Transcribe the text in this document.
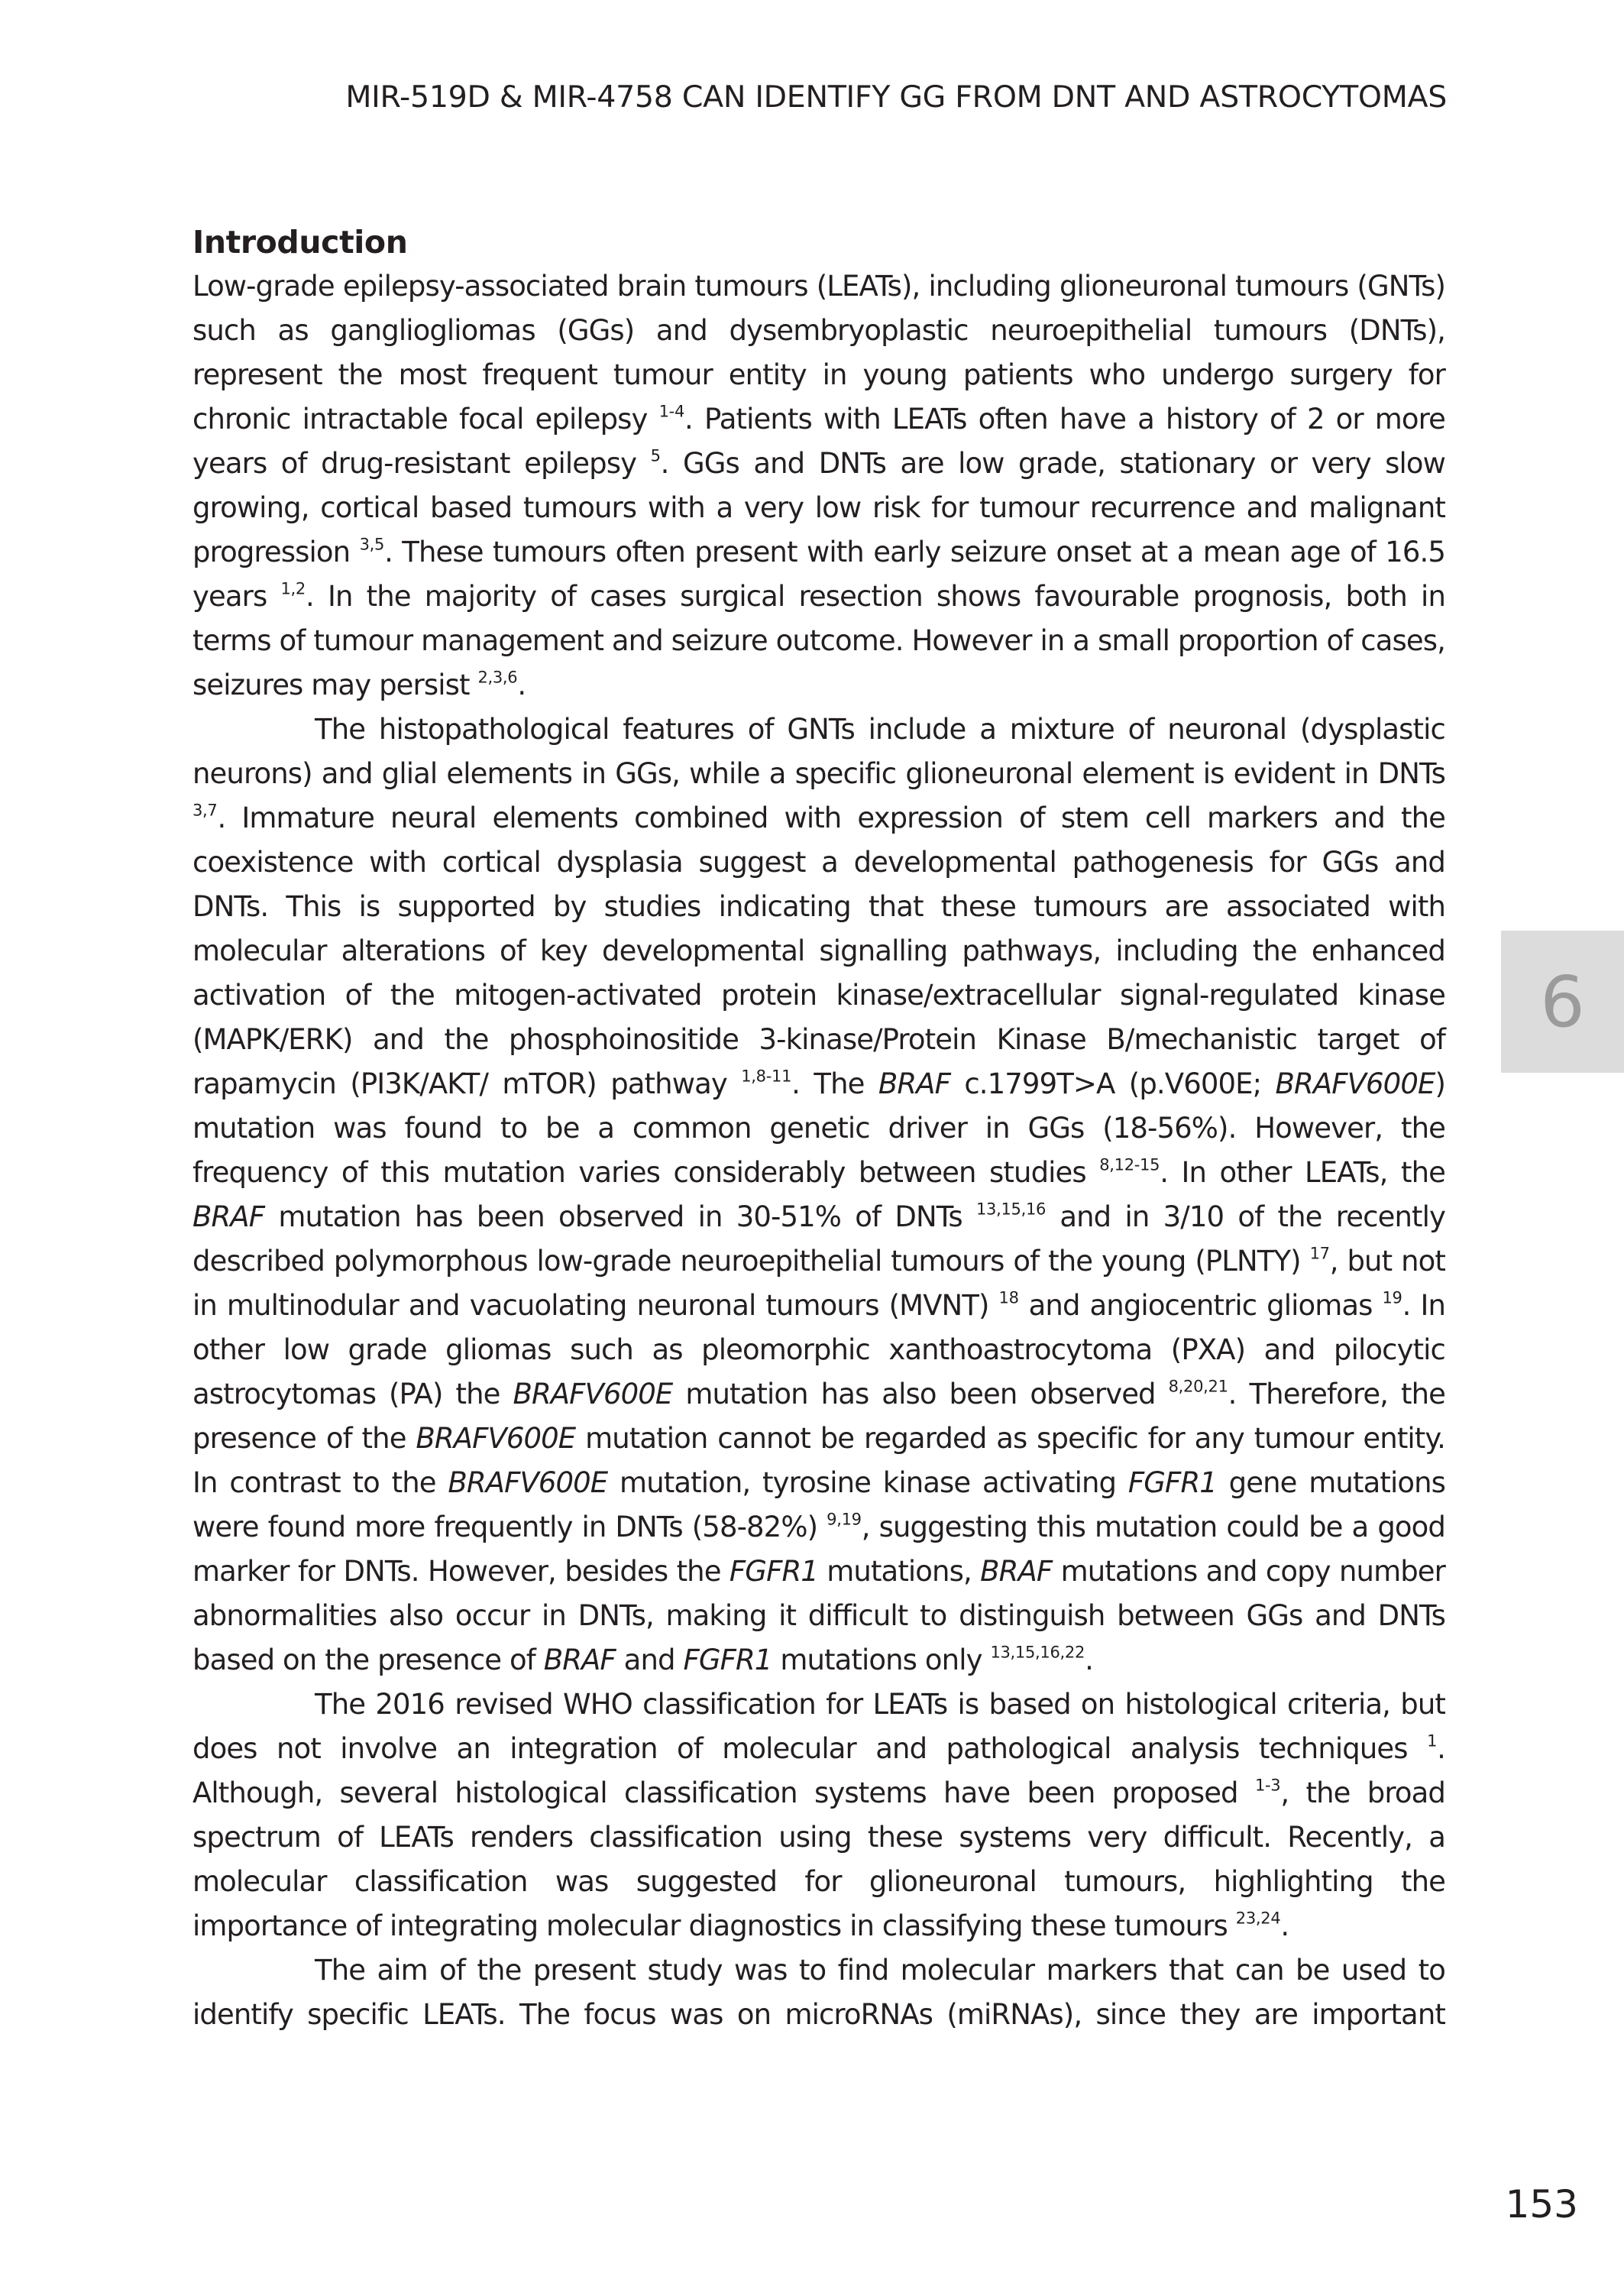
MIR-519D & MIR-4758 CAN IDENTIFY GG FROM DNT AND ASTROCYTOMAS
Introduction

Low-grade epilepsy-associated brain tumours (LEATs), including glioneuronal tumours (GNTs) such as gangliogliomas (GGs) and dysembryoplastic neuroepithelial tumours (DNTs), represent the most frequent tumour entity in young patients who undergo surgery for chronic intractable focal epilepsy $^{1-4}$. Patients with LEATs often have a history of 2 or more years of drug-resistant epilepsy $^5$. GGs and DNTs are low grade, stationary or very slow growing, cortical based tumours with a very low risk for tumour recurrence and malignant progression $^{3,5}$. These tumours often present with early seizure onset at a mean age of 16.5 years $^{1,2}$. In the majority of cases surgical resection shows favourable prognosis, both in terms of tumour management and seizure outcome. However in a small proportion of cases, seizures may persist $^{2,3,6}$.

The histopathological features of GNTs include a mixture of neuronal (dysplastic neurons) and glial elements in GGs, while a specific glioneuronal element is evident in DNTs $^{3,7}$. Immature neural elements combined with expression of stem cell markers and the coexistence with cortical dysplasia suggest a developmental pathogenesis for GGs and DNTs. This is supported by studies indicating that these tumours are associated with molecular alterations of key developmental signalling pathways, including the enhanced activation of the mitogen-activated protein kinase/extracellular signal-regulated kinase (MAPK/ERK) and the phosphoinositide 3-kinase/Protein Kinase B/mechanistic target of rapamycin (PI3K/AKT/ mTOR) pathway $^{1,8-11}$. The BRAF c.1799T>A (p.V600E; BRAFV600E) mutation was found to be a common genetic driver in GGs (18-56%). However, the frequency of this mutation varies considerably between studies $^{8,12-15}$. In other LEATs, the BRAF mutation has been observed in 30-51% of DNTs $^{13,15,16}$ and in 3/10 of the recently described polymorphous low-grade neuroepithelial tumours of the young (PLNTY) $^{17}$, but not in multinodular and vacuolating neuronal tumours (MVNT) $^{18}$ and angiocentric gliomas $^{19}$. In other low grade gliomas such as pleomorphic xanthoastrocytoma (PXA) and pilocytic astrocytomas (PA) the BRAFV600E mutation has also been observed $^{8,20,21}$. Therefore, the presence of the BRAFV600E mutation cannot be regarded as specific for any tumour entity. In contrast to the BRAFV600E mutation, tyrosine kinase activating FGFR1 gene mutations were found more frequently in DNTs (58-82%) $^{9,19}$, suggesting this mutation could be a good marker for DNTs. However, besides the FGFR1 mutations, BRAF mutations and copy number abnormalities also occur in DNTs, making it difficult to distinguish between GGs and DNTs based on the presence of BRAF and FGFR1 mutations only $^{13,15,16,22}$.

The 2016 revised WHO classification for LEATs is based on histological criteria, but does not involve an integration of molecular and pathological analysis techniques $^1$. Although, several histological classification systems have been proposed $^{1-3}$, the broad spectrum of LEATs renders classification using these systems very difficult. Recently, a molecular classification was suggested for glioneuronal tumours, highlighting the importance of integrating molecular diagnostics in classifying these tumours $^{23,24}$.

The aim of the present study was to find molecular markers that can be used to identify specific LEATs. The focus was on microRNAs (miRNAs), since they are important

6
153
